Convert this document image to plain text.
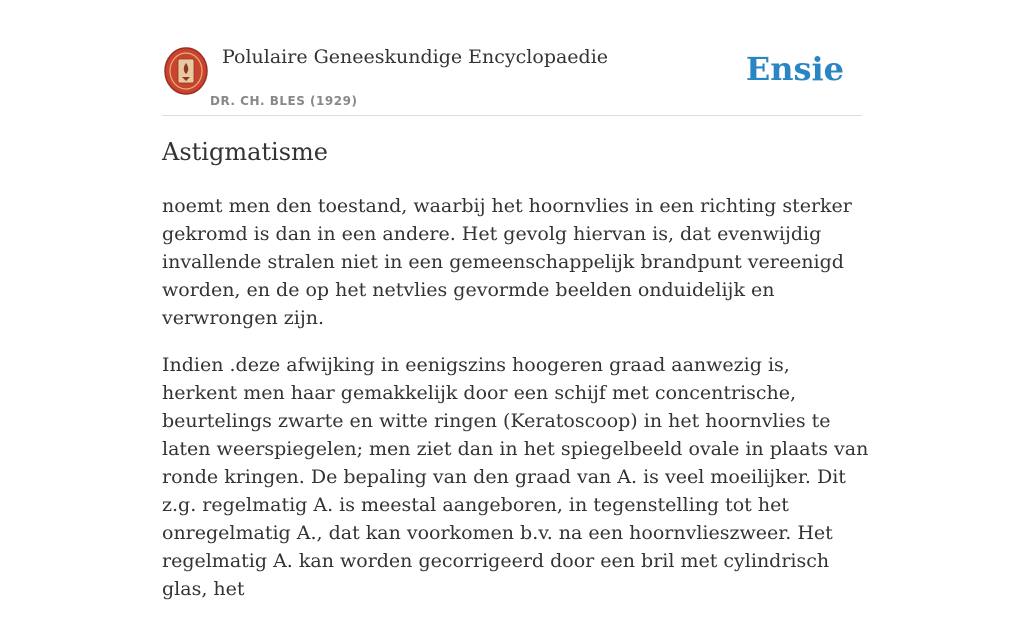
Polulaire Geneeskundige Encyclopaedie
DR. CH. BLES (1929)
Ensie
Astigmatisme

noemt men den toestand, waarbij het hoornvlies in een richting sterker gekromd is dan in een andere. Het gevolg hiervan is, dat evenwijdig invallende stralen niet in een gemeenschappelijk brandpunt vereenigd worden, en de op het netvlies gevormde beelden onduidelijk en verwrongen zijn.

Indien .deze afwijking in eenigszins hoogeren graad aanwezig is, herkent men haar gemakkelijk door een schijf met concentrische, beurtelings zwarte en witte ringen (Keratoscoop) in het hoornvlies te laten weerspiegelen; men ziet dan in het spiegelbeeld ovale in plaats van ronde kringen. De bepaling van den graad van A. is veel moeilijker. Dit z.g. regelmatig A. is meestal aangeboren, in tegenstelling tot het onregelmatig A., dat kan voorkomen b.v. na een hoornvlieszweer. Het regelmatig A. kan worden gecorrigeerd door een bril met cylindrisch glas, het
